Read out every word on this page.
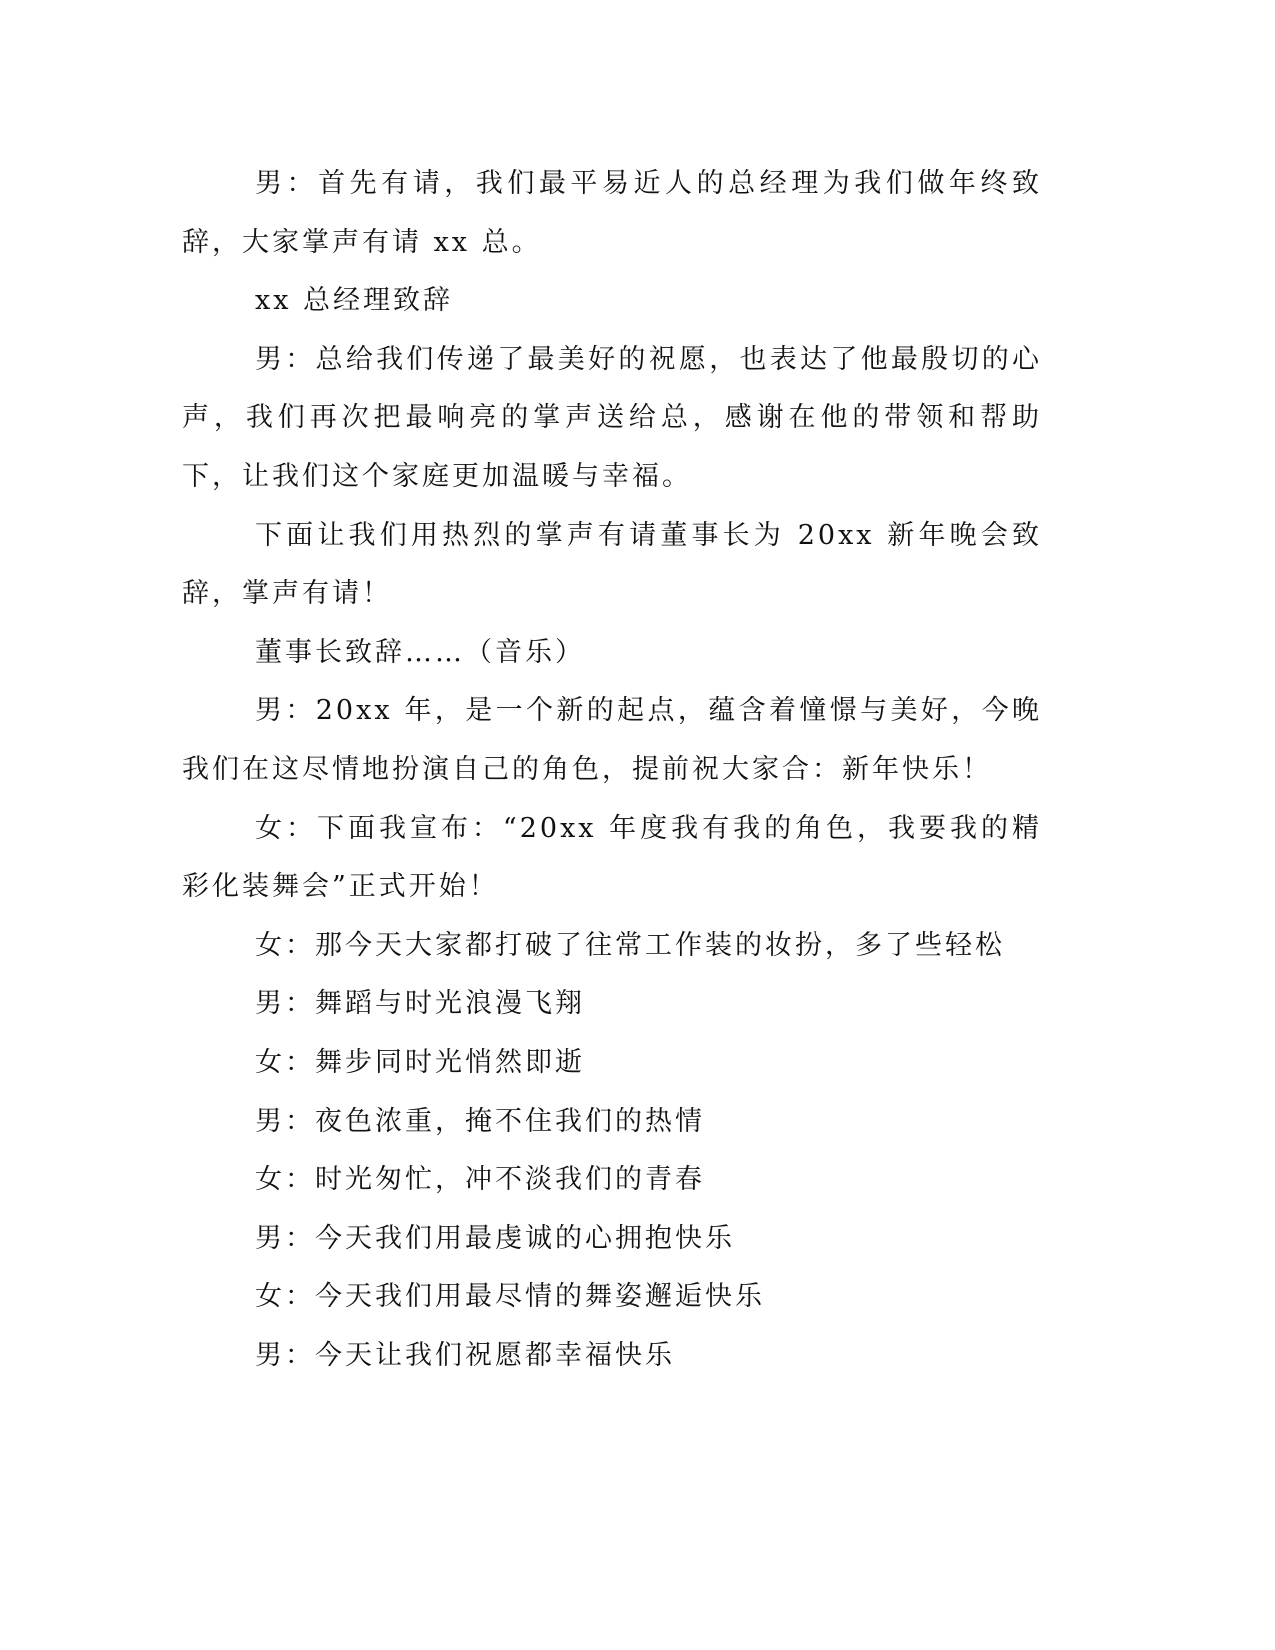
男：首先有请，我们最平易近人的总经理为我们做年终致辞，大家掌声有请 xx 总。

xx 总经理致辞

男：总给我们传递了最美好的祝愿，也表达了他最殷切的心声，我们再次把最响亮的掌声送给总，感谢在他的带领和帮助下，让我们这个家庭更加温暖与幸福。

下面让我们用热烈的掌声有请董事长为 20xx 新年晚会致辞，掌声有请！

董事长致辞……（音乐）

男：20xx 年，是一个新的起点，蕴含着憧憬与美好，今晚我们在这尽情地扮演自己的角色，提前祝大家合：新年快乐！

女：下面我宣布：“20xx 年度我有我的角色，我要我的精彩化装舞会”正式开始！

女：那今天大家都打破了往常工作装的妆扮，多了些轻松

男：舞蹈与时光浪漫飞翔

女：舞步同时光悄然即逝

男：夜色浓重，掩不住我们的热情

女：时光匆忙，冲不淡我们的青春

男：今天我们用最虔诚的心拥抱快乐

女：今天我们用最尽情的舞姿邂逅快乐

男：今天让我们祝愿都幸福快乐
